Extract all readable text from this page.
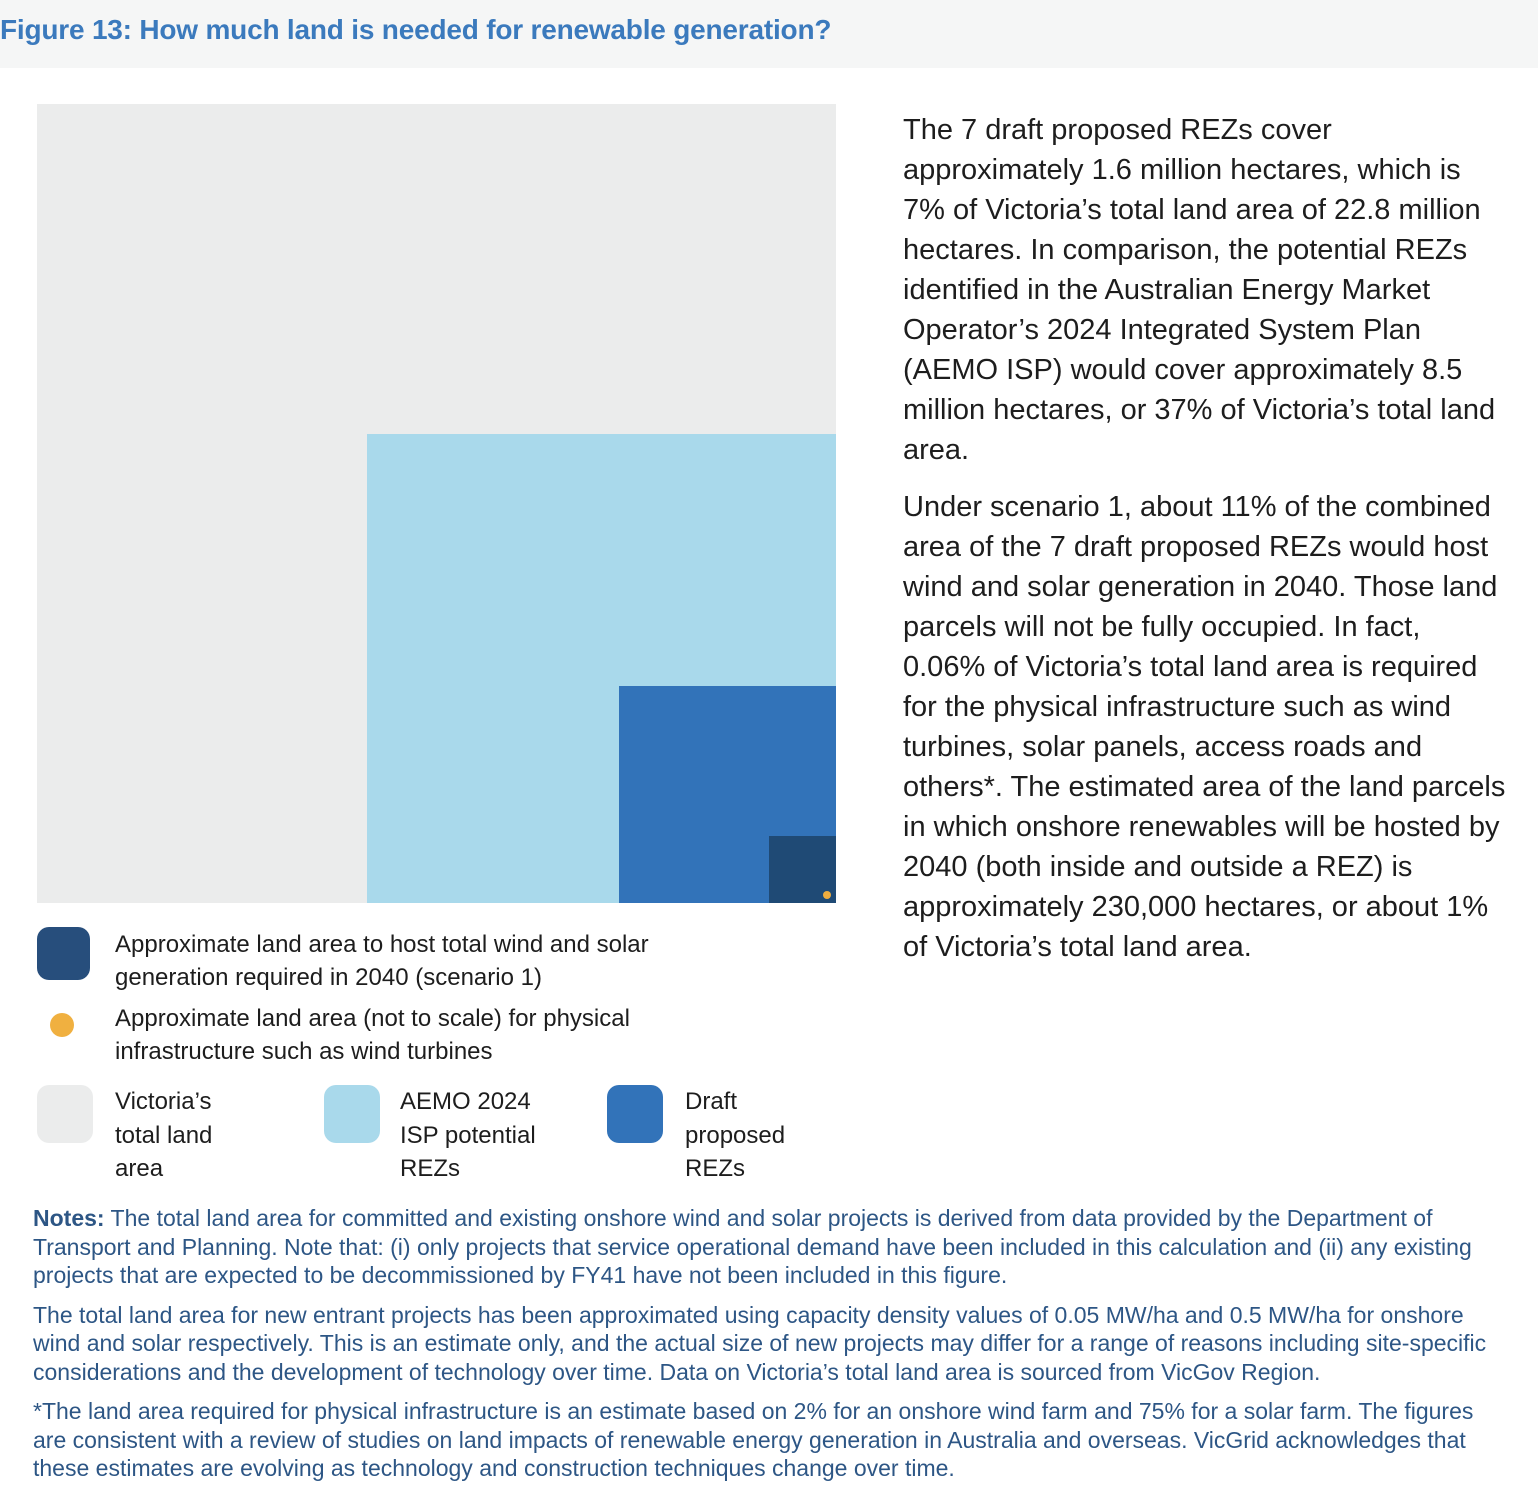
Figure 13: How much land is needed for renewable generation?

The 7 draft proposed REZs cover approximately 1.6 million hectares, which is 7% of Victoria’s total land area of 22.8 million hectares. In comparison, the potential REZs identified in the Australian Energy Market Operator’s 2024 Integrated System Plan (AEMO ISP) would cover approximately 8.5 million hectares, or 37% of Victoria’s total land area.

Under scenario 1, about 11% of the combined area of the 7 draft proposed REZs would host wind and solar generation in 2040. Those land parcels will not be fully occupied. In fact, 0.06% of Victoria’s total land area is required for the physical infrastructure such as wind turbines, solar panels, access roads and others*. The estimated area of the land parcels in which onshore renewables will be hosted by 2040 (both inside and outside a REZ) is approximately 230,000 hectares, or about 1% of Victoria’s total land area.

Approximate land area to host total wind and solar generation required in 2040 (scenario 1)
Approximate land area (not to scale) for physical infrastructure such as wind turbines
Victoria’s total land area
AEMO 2024 ISP potential REZs
Draft proposed REZs

Notes: The total land area for committed and existing onshore wind and solar projects is derived from data provided by the Department of Transport and Planning. Note that: (i) only projects that service operational demand have been included in this calculation and (ii) any existing projects that are expected to be decommissioned by FY41 have not been included in this figure.

The total land area for new entrant projects has been approximated using capacity density values of 0.05 MW/ha and 0.5 MW/ha for onshore wind and solar respectively. This is an estimate only, and the actual size of new projects may differ for a range of reasons including site-specific considerations and the development of technology over time. Data on Victoria’s total land area is sourced from VicGov Region.

*The land area required for physical infrastructure is an estimate based on 2% for an onshore wind farm and 75% for a solar farm. The figures are consistent with a review of studies on land impacts of renewable energy generation in Australia and overseas. VicGrid acknowledges that these estimates are evolving as technology and construction techniques change over time.
